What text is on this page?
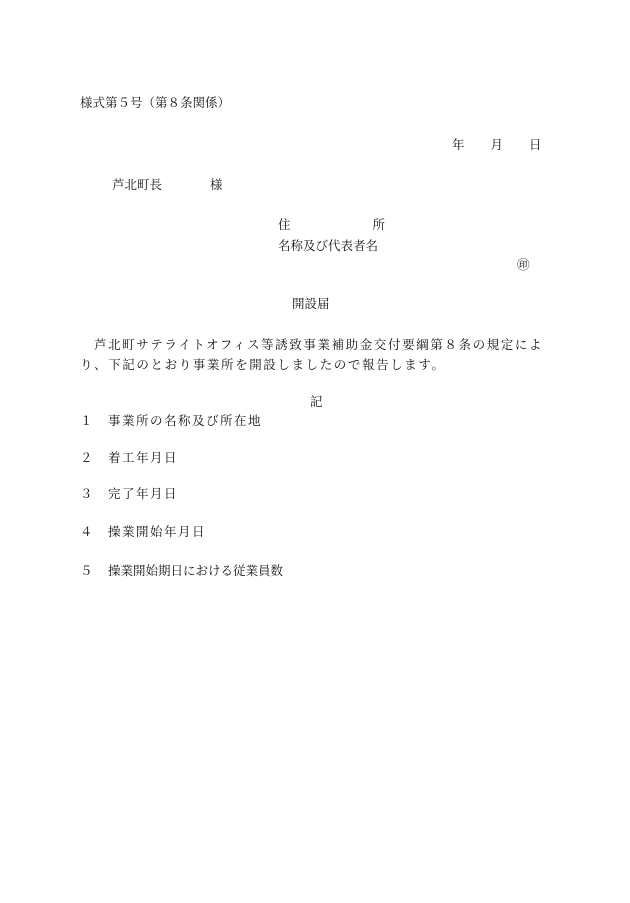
様式第５号（第８条関係）
年 月 日
芦北町長	様
住	所
名称及び代表者名
㊞
開設届
芦北町サテライトオフィス等誘致事業補助金交付要綱第８条の規定により、下記のとおり事業所を開設しましたので報告します。
記
１ 事業所の名称及び所在地
２ 着工年月日
３ 完了年月日
４ 操業開始年月日
５ 操業開始期日における従業員数
